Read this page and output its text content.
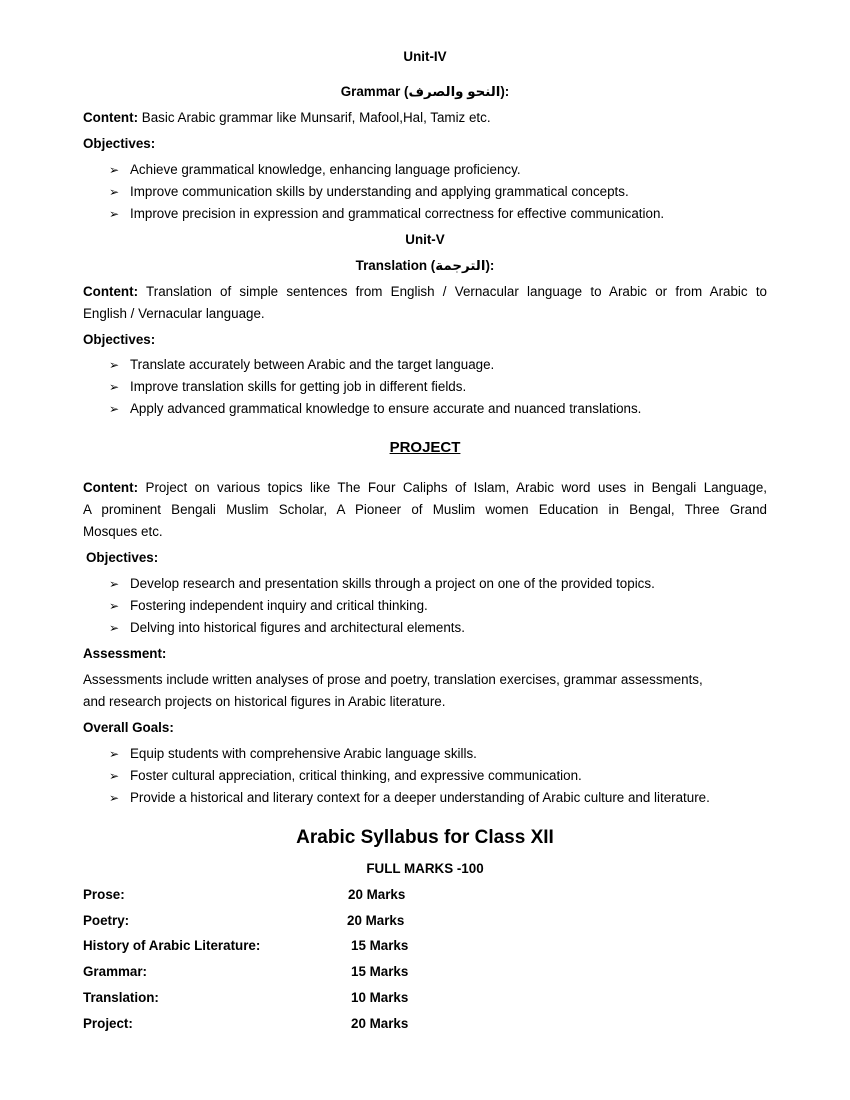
Unit-IV
Grammar (النحو والصرف):
Content: Basic Arabic grammar like Munsarif, Mafool,Hal, Tamiz etc.
Objectives:
➢ Achieve grammatical knowledge, enhancing language proficiency.
➢ Improve communication skills by understanding and applying grammatical concepts.
➢ Improve precision in expression and grammatical correctness for effective communication.
Unit-V
Translation (الترجمة):
Content: Translation of simple sentences from English / Vernacular language to Arabic or from Arabic to
English / Vernacular language.
Objectives:
➢ Translate accurately between Arabic and the target language.
➢ Improve translation skills for getting job in different fields.
➢ Apply advanced grammatical knowledge to ensure accurate and nuanced translations.
PROJECT
Content: Project on various topics like The Four Caliphs of Islam, Arabic word uses in Bengali Language,
A prominent Bengali Muslim Scholar, A Pioneer of Muslim women Education in Bengal, Three Grand
Mosques etc.
Objectives:
➢ Develop research and presentation skills through a project on one of the provided topics.
➢ Fostering independent inquiry and critical thinking.
➢ Delving into historical figures and architectural elements.
Assessment:
Assessments include written analyses of prose and poetry, translation exercises, grammar assessments,
and research projects on historical figures in Arabic literature.
Overall Goals:
➢ Equip students with comprehensive Arabic language skills.
➢ Foster cultural appreciation, critical thinking, and expressive communication.
➢ Provide a historical and literary context for a deeper understanding of Arabic culture and literature.
Arabic Syllabus for Class XII
FULL MARKS -100
Prose:	20 Marks
Poetry:	20 Marks
History of Arabic Literature:	15 Marks
Grammar:	15 Marks
Translation:	10 Marks
Project:	20 Marks
